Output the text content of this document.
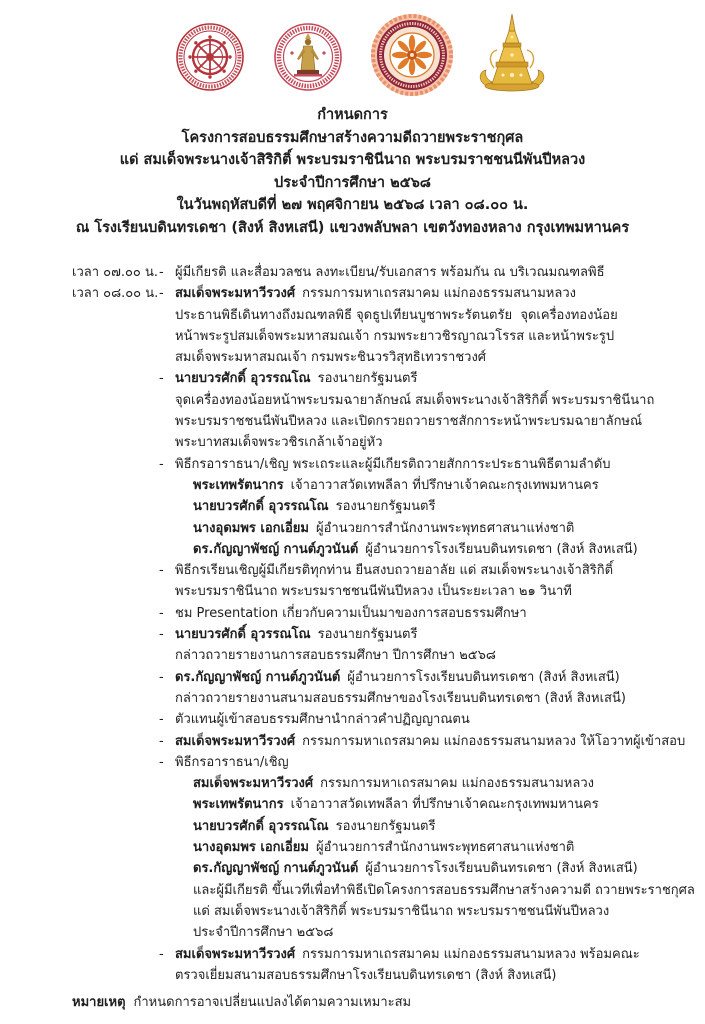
กำหนดการ
โครงการสอบธรรมศึกษาสร้างความดีถวายพระราชกุศล
แด่ สมเด็จพระนางเจ้าสิริกิติ์ พระบรมราชินีนาถ พระบรมราชชนนีพันปีหลวง
ประจำปีการศึกษา ๒๕๖๘
ในวันพฤหัสบดีที่ ๒๗ พฤศจิกายน ๒๕๖๘ เวลา ๐๘.๐๐ น.
ณ โรงเรียนบดินทรเดชา (สิงห์ สิงหเสนี) แขวงพลับพลา เขตวังทองหลาง กรุงเทพมหานคร
เวลา ๐๗.๐๐ น. - ผู้มีเกียรติ และสื่อมวลชน ลงทะเบียน/รับเอกสาร พร้อมกัน ณ บริเวณมณฑลพิธี
เวลา ๐๘.๐๐ น. - สมเด็จพระมหาวีรวงศ์ กรรมการมหาเถรสมาคม แม่กองธรรมสนามหลวง
ประธานพิธีเดินทางถึงมณฑลพิธี จุดธูปเทียนบูชาพระรัตนตรัย  จุดเครื่องทองน้อย
หน้าพระรูปสมเด็จพระมหาสมณเจ้า กรมพระยาวชิรญาณวโรรส และหน้าพระรูป
สมเด็จพระมหาสมณเจ้า กรมพระชินวรวิสุทธิเทวราชวงศ์
- นายบวรศักดิ์ อุวรรณโณ รองนายกรัฐมนตรี
จุดเครื่องทองน้อยหน้าพระบรมฉายาลักษณ์ สมเด็จพระนางเจ้าสิริกิติ์ พระบรมราชินีนาถ
พระบรมราชชนนีพันปีหลวง และเปิดกรวยถวายราชสักการะหน้าพระบรมฉายาลักษณ์
พระบาทสมเด็จพระวชิรเกล้าเจ้าอยู่หัว
- พิธีกรอาราธนา/เชิญ พระเถระและผู้มีเกียรติถวายสักการะประธานพิธีตามลำดับ
พระเทพรัตนากร เจ้าอาวาสวัดเทพลีลา ที่ปรึกษาเจ้าคณะกรุงเทพมหานคร
นายบวรศักดิ์ อุวรรณโณ รองนายกรัฐมนตรี
นางอุดมพร เอกเอี่ยม ผู้อำนวยการสำนักงานพระพุทธศาสนาแห่งชาติ
ดร.กัญญาพัชญ์ กานต์ภูวนันต์ ผู้อำนวยการโรงเรียนบดินทรเดชา (สิงห์ สิงหเสนี)
- พิธีกรเรียนเชิญผู้มีเกียรติทุกท่าน ยืนสงบถวายอาลัย แด่ สมเด็จพระนางเจ้าสิริกิติ์
พระบรมราชินีนาถ พระบรมราชชนนีพันปีหลวง เป็นระยะเวลา ๒๑ วินาที
- ชม Presentation เกี่ยวกับความเป็นมาของการสอบธรรมศึกษา
- นายบวรศักดิ์ อุวรรณโณ รองนายกรัฐมนตรี
กล่าวถวายรายงานการสอบธรรมศึกษา ปีการศึกษา ๒๕๖๘
- ดร.กัญญาพัชญ์ กานต์ภูวนันต์ ผู้อำนวยการโรงเรียนบดินทรเดชา (สิงห์ สิงหเสนี)
กล่าวถวายรายงานสนามสอบธรรมศึกษาของโรงเรียนบดินทรเดชา (สิงห์ สิงหเสนี)
- ตัวแทนผู้เข้าสอบธรรมศึกษานำกล่าวคำปฏิญญาณตน
- สมเด็จพระมหาวีรวงศ์ กรรมการมหาเถรสมาคม แม่กองธรรมสนามหลวง ให้โอวาทผู้เข้าสอบ
- พิธีกรอาราธนา/เชิญ
สมเด็จพระมหาวีรวงศ์ กรรมการมหาเถรสมาคม แม่กองธรรมสนามหลวง
พระเทพรัตนากร เจ้าอาวาสวัดเทพลีลา ที่ปรึกษาเจ้าคณะกรุงเทพมหานคร
นายบวรศักดิ์ อุวรรณโณ รองนายกรัฐมนตรี
นางอุดมพร เอกเอี่ยม ผู้อำนวยการสำนักงานพระพุทธศาสนาแห่งชาติ
ดร.กัญญาพัชญ์ กานต์ภูวนันต์ ผู้อำนวยการโรงเรียนบดินทรเดชา (สิงห์ สิงหเสนี)
และผู้มีเกียรติ ขึ้นเวทีเพื่อทำพิธีเปิดโครงการสอบธรรมศึกษาสร้างความดี ถวายพระราชกุศล
แด่ สมเด็จพระนางเจ้าสิริกิติ์ พระบรมราชินีนาถ พระบรมราชชนนีพันปีหลวง
ประจำปีการศึกษา ๒๕๖๘
- สมเด็จพระมหาวีรวงศ์ กรรมการมหาเถรสมาคม แม่กองธรรมสนามหลวง พร้อมคณะ
ตรวจเยี่ยมสนามสอบธรรมศึกษาโรงเรียนบดินทรเดชา (สิงห์ สิงหเสนี)
หมายเหตุ กำหนดการอาจเปลี่ยนแปลงได้ตามความเหมาะสม
